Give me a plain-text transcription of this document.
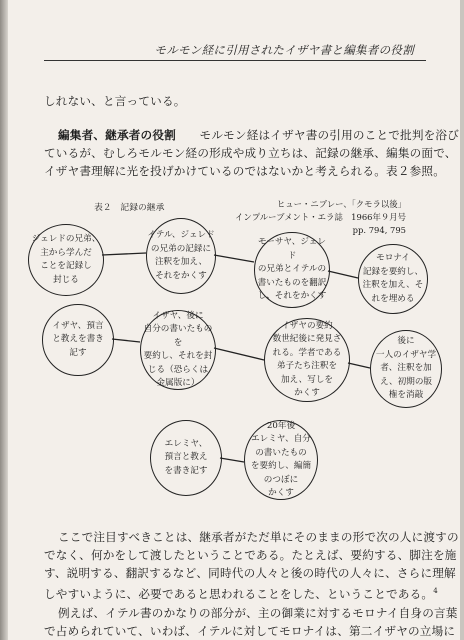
モルモン経に引用されたイザヤ書と編集者の役割
しれない、と言っている。
編集者、継承者の役割　　 モルモン経はイザヤ書の引用のことで批判を浴び
ているが、むしろモルモン経の形成や成り立ちは、記録の継承、編集の面で、
イザヤ書理解に光を投げかけているのではないかと考えられる。表２参照。
表２　記録の継承	ヒュー・ニブレー、「クモラ以後」
インプルーブメント・エラ誌　1966年９月号
pp. 794, 795
ジェレドの兄弟、
主から学んだ
ことを記録し
封じる
イテル、ジェレド
の兄弟の記録に
注釈を加え、
それをかくす
モーサヤ、ジェレド
の兄弟とイテルの
書いたものを翻訳
し、それをかくす
モロナイ
記録を要約し、
注釈を加え、そ
れを埋める
イザヤ、預言
と教えを書き
記す
イザヤ、後に
自分の書いたものを
要約し、それを封
じる（恐らくは
金属版に）
イザヤの要約
数世紀後に発見さ
れる。学者である
弟子たち注釈を
加え、写しを
かくす
後に
一人のイザヤ学
者、注釈を加
え、初期の版
権を消敲
エレミヤ、
預言と教え
を書き記す
20年後
エレミヤ、自分
の書いたもの
を要約し、編簡
のつぼに
かくす
ここで注目すべきことは、継承者がただ単にそのままの形で次の人に渡すの
でなく、何かをして渡したということである。たとえば、要約する、脚注を施
す、説明する、翻訳するなど、同時代の人々と後の時代の人々に、さらに理解
しやすいように、必要であると思われることをした、ということである。$^4$
例えば、イテル書のかなりの部分が、主の御業に対するモロナイ自身の言葉
で占められていて、いわば、イテルに対してモロナイは、第二イザヤの立場に
